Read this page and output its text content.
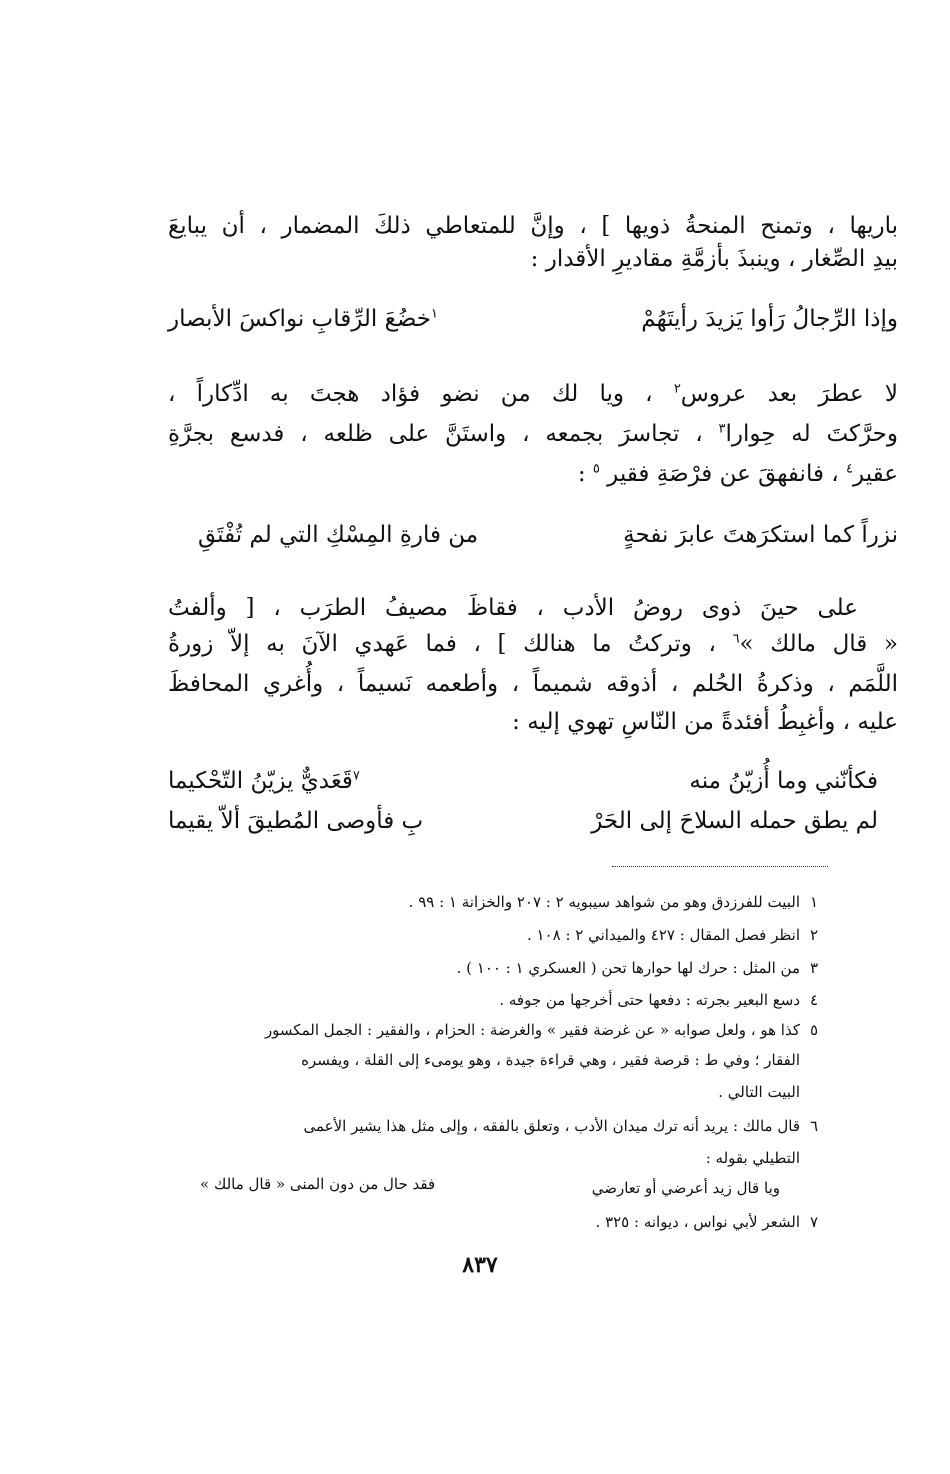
باريها ، وتمنح المنحةُ ذويها ] ، وإنَّ للمتعاطي ذلكَ المضمار ، أن يبايعَ
بيدِ الصِّغار ، وينبذَ بأزمَّةِ مقاديرِ الأقدار :
وإذا الرِّجالُ رَأوا يَزيدَ رأيتَهُمْ
$^١$خضُعَ الرِّقابِ نواكسَ الأبصار
لا عطرَ بعد عروس$^٢$ ، ويا لك من نضو فؤاد هجتَ به ادِّكاراً ،
وحرَّكتَ له حِوارا$^٣$ ، تجاسرَ بجمعه ، واستَنَّ على ظلعه ، فدسع بجرَّةِ
عقير$^٤$ ، فانفهقَ عن فرْصَةِ فقير $^٥$ :
نزراً كما استكرَهتَ عابرَ نفحةٍ
من فارةِ المِسْكِ التي لم تُفْتَقِ
على حينَ ذوى روضُ الأدب ، فقاظَ مصيفُ الطرَب ، [ وألفتُ
« قال مالك »$^٦$ ، وتركتُ ما هنالك ] ، فما عَهدي الآنَ به إلاّ زورةُ
اللَّمَم ، وذكرةُ الحُلم ، أذوقه شميماً ، وأطعمه نَسيماً ، وأُغري المحافظَ
عليه ، وأغبِطُ أفئدةً من النّاسِ تهوي إليه :
فكأنّني وما أُزيّنُ منه
$^٧$قَعَديٌّ يزيّنُ التّحْكيما
لم يطق حمله السلاحَ إلى الحَرْ
بِ فأوصى المُطيقَ ألاّ يقيما
١
البيت للفرزدق وهو من شواهد سيبويه ٢ : ٢٠٧ والخزانة ١ : ٩٩ .
٢
انظر فصل المقال : ٤٢٧ والميداني ٢ : ١٠٨ .
٣
من المثل : حرك لها حوارها تحن ( العسكري ١ : ١٠٠ ) .
٤
دسع البعير بجرته : دفعها حتى أخرجها من جوفه .
٥
كذا هو ، ولعل صوابه « عن غرضة فقير » والغرضة : الحزام ، والفقير : الجمل المكسور
الفقار ؛ وفي ط : قرصة فقير ، وهي قراءة جيدة ، وهو يومىء إلى القلة ، ويفسره
البيت التالي .
٦
قال مالك : يريد أنه ترك ميدان الأدب ، وتعلق بالفقه ، وإلى مثل هذا يشير الأعمى
التطيلي بقوله :
ويا قال زيد أعرضي أو تعارضي
فقد حال من دون المنى « قال مالك »
٧
الشعر لأبي نواس ، ديوانه : ٣٢٥ .
٨٣٧
